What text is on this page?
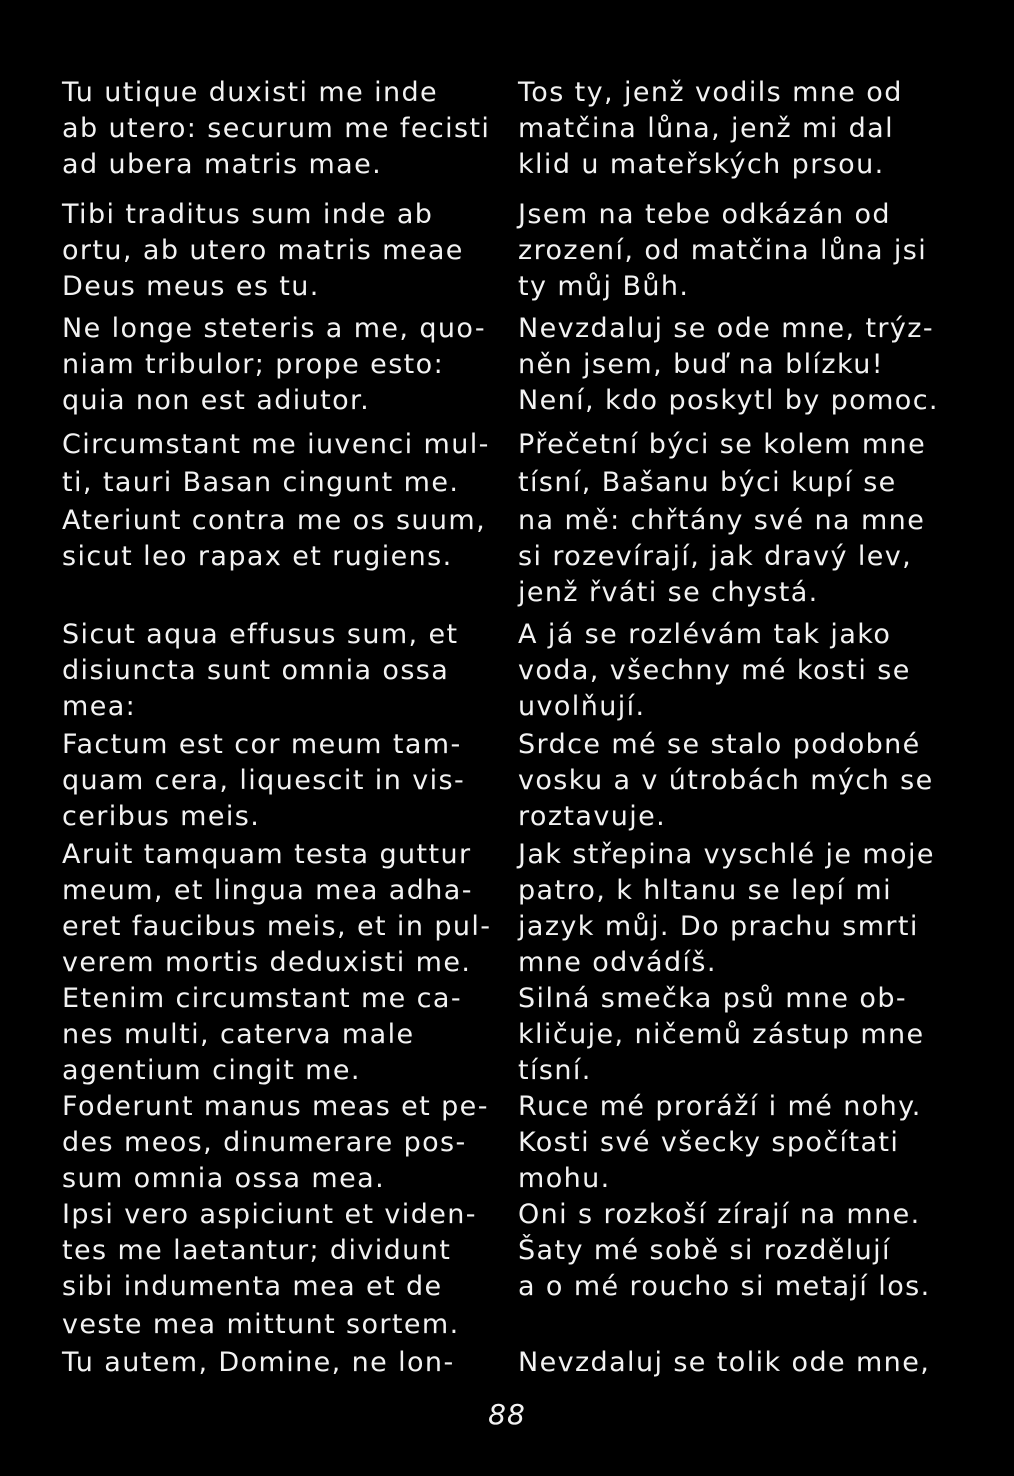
Tu utique duxisti me inde
ab utero: securum me fecisti
ad ubera matris mae.
Tibi traditus sum inde ab
ortu, ab utero matris meae
Deus meus es tu.
Ne longe steteris a me, quo-
niam tribulor; prope esto:
quia non est adiutor.
Circumstant me iuvenci mul-
ti, tauri Basan cingunt me.
Ateriunt contra me os suum,
sicut leo rapax et rugiens.
Sicut aqua effusus sum, et
disiuncta sunt omnia ossa
mea:
Factum est cor meum tam-
quam cera, liquescit in vis-
ceribus meis.
Aruit tamquam testa guttur
meum, et lingua mea adha-
eret faucibus meis, et in pul-
verem mortis deduxisti me.
Etenim circumstant me ca-
nes multi, caterva male
agentium cingit me.
Foderunt manus meas et pe-
des meos, dinumerare pos-
sum omnia ossa mea.
Ipsi vero aspiciunt et viden-
tes me laetantur; dividunt
sibi indumenta mea et de
veste mea mittunt sortem.
Tu autem, Domine, ne lon-
Tos ty, jenž vodils mne od
matčina lůna, jenž mi dal
klid u mateřských prsou.
Jsem na tebe odkázán od
zrození, od matčina lůna jsi
ty můj Bůh.
Nevzdaluj se ode mne, trýz-
něn jsem, buď na blízku!
Není, kdo poskytl by pomoc.
Přečetní býci se kolem mne
tísní, Bašanu býci kupí se
na mě: chřtány své na mne
si rozevírají, jak dravý lev,
jenž řváti se chystá.
A já se rozlévám tak jako
voda, všechny mé kosti se
uvolňují.
Srdce mé se stalo podobné
vosku a v útrobách mých se
roztavuje.
Jak střepina vyschlé je moje
patro, k hltanu se lepí mi
jazyk můj. Do prachu smrti
mne odvádíš.
Silná smečka psů mne ob-
kličuje, ničemů zástup mne
tísní.
Ruce mé proráží i mé nohy.
Kosti své všecky spočítati
mohu.
Oni s rozkoší zírají na mne.
Šaty mé sobě si rozdělují
a o mé roucho si metají los.
Nevzdaluj se tolik ode mne,
88
